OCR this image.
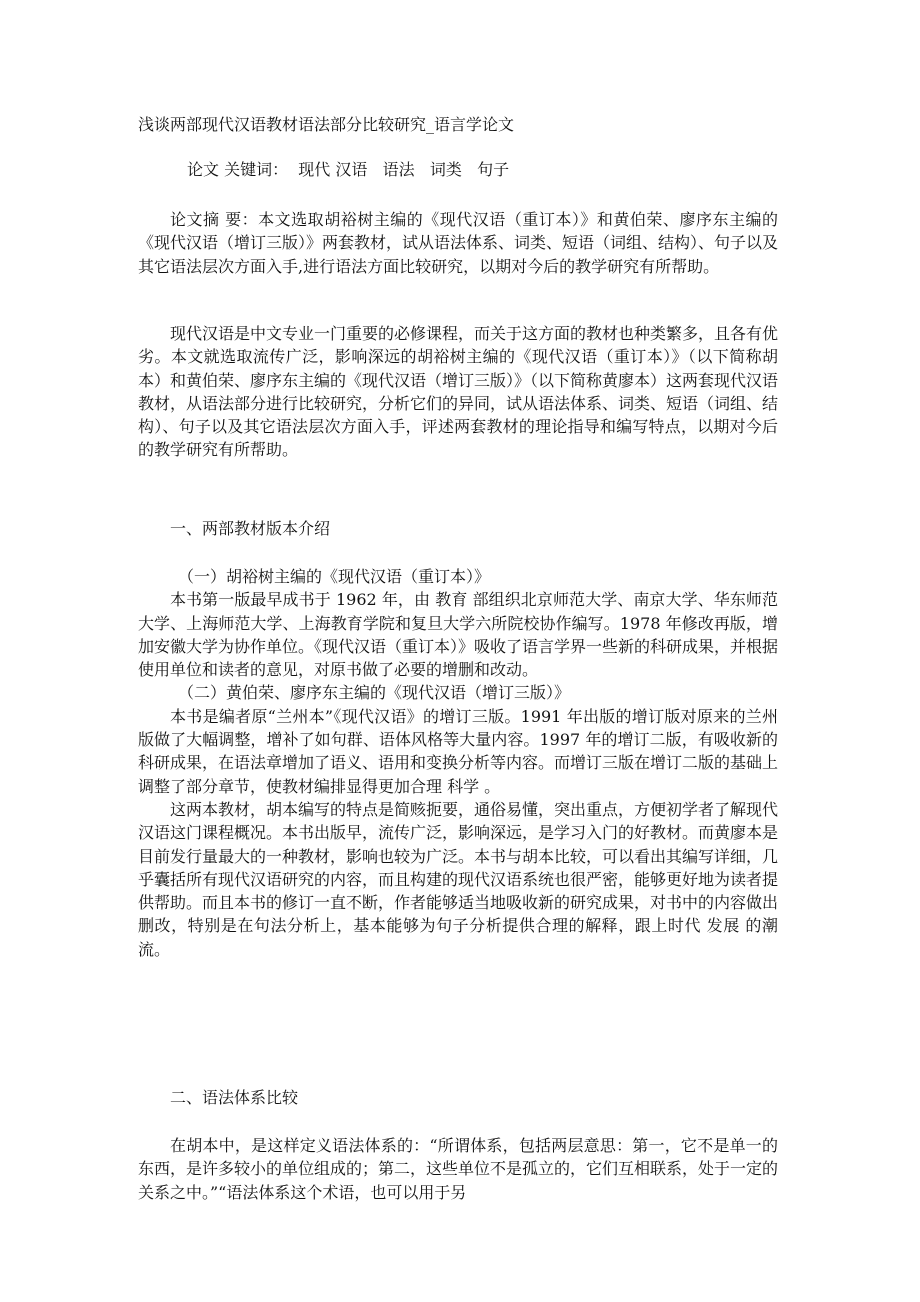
浅谈两部现代汉语教材语法部分比较研究_语言学论文
论文 关键词：  现代 汉语   语法   词类   句子

论文摘 要：本文选取胡裕树主编的《现代汉语（重订本）》和黄伯荣、廖序东主编的《现代汉语（增订三版）》两套教材，试从语法体系、词类、短语（词组、结构）、句子以及其它语法层次方面入手,进行语法方面比较研究，以期对今后的教学研究有所帮助。

现代汉语是中文专业一门重要的必修课程，而关于这方面的教材也种类繁多，且各有优劣。本文就选取流传广泛，影响深远的胡裕树主编的《现代汉语（重订本）》（以下简称胡本）和黄伯荣、廖序东主编的《现代汉语（增订三版）》（以下简称黄廖本）这两套现代汉语教材，从语法部分进行比较研究，分析它们的异同，试从语法体系、词类、短语（词组、结构）、句子以及其它语法层次方面入手，评述两套教材的理论指导和编写特点，以期对今后的教学研究有所帮助。

一、两部教材版本介绍

（一）胡裕树主编的《现代汉语（重订本）》

本书第一版最早成书于 1962 年，由 教育 部组织北京师范大学、南京大学、华东师范大学、上海师范大学、上海教育学院和复旦大学六所院校协作编写。1978 年修改再版，增加安徽大学为协作单位。《现代汉语（重订本）》吸收了语言学界一些新的科研成果，并根据使用单位和读者的意见，对原书做了必要的增删和改动。

（二）黄伯荣、廖序东主编的《现代汉语（增订三版）》

本书是编者原“兰州本”《现代汉语》的增订三版。1991 年出版的增订版对原来的兰州版做了大幅调整，增补了如句群、语体风格等大量内容。1997 年的增订二版，有吸收新的科研成果，在语法章增加了语义、语用和变换分析等内容。而增订三版在增订二版的基础上调整了部分章节，使教材编排显得更加合理 科学 。

这两本教材，胡本编写的特点是简赅扼要，通俗易懂，突出重点，方便初学者了解现代汉语这门课程概况。本书出版早，流传广泛，影响深远，是学习入门的好教材。而黄廖本是目前发行量最大的一种教材，影响也较为广泛。本书与胡本比较，可以看出其编写详细，几乎囊括所有现代汉语研究的内容，而且构建的现代汉语系统也很严密，能够更好地为读者提供帮助。而且本书的修订一直不断，作者能够适当地吸收新的研究成果，对书中的内容做出删改，特别是在句法分析上，基本能够为句子分析提供合理的解释，跟上时代 发展 的潮流。

二、语法体系比较

在胡本中，是这样定义语法体系的：“所谓体系，包括两层意思：第一，它不是单一的东西，是许多较小的单位组成的；第二，这些单位不是孤立的，它们互相联系，处于一定的关系之中。”“语法体系这个术语，也可以用于另
